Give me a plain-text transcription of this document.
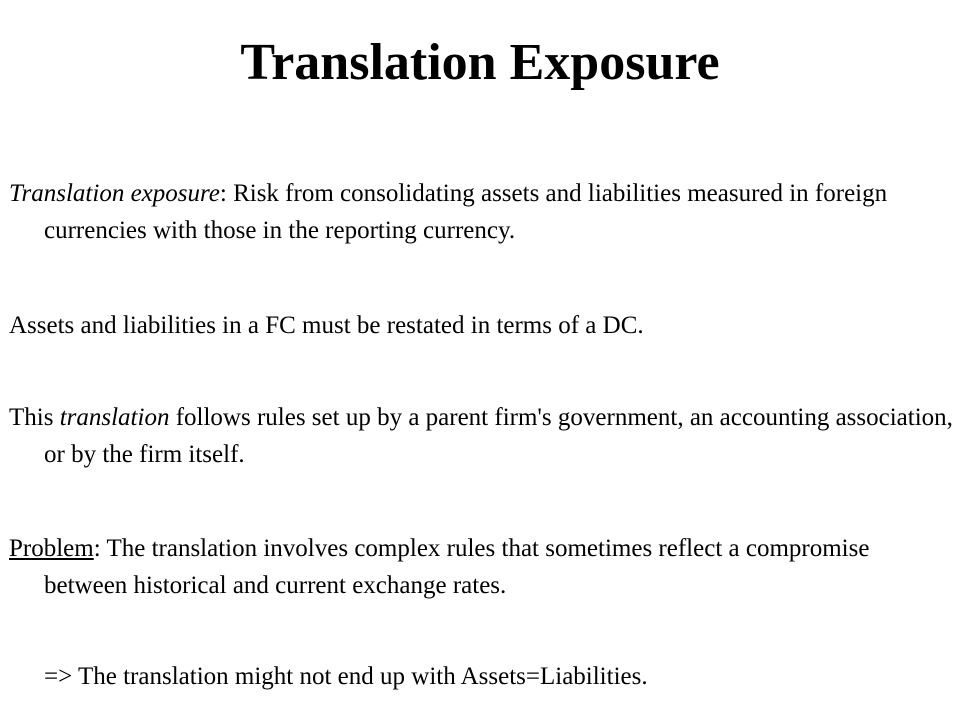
Translation Exposure
Translation exposure: Risk from consolidating assets and liabilities measured in foreign currencies with those in the reporting currency.
Assets and liabilities in a FC must be restated in terms of a DC.
This translation follows rules set up by a parent firm's government, an accounting association, or by the firm itself.
Problem: The translation involves complex rules that sometimes reflect a compromise between historical and current exchange rates.
=> The translation might not end up with Assets=Liabilities.
